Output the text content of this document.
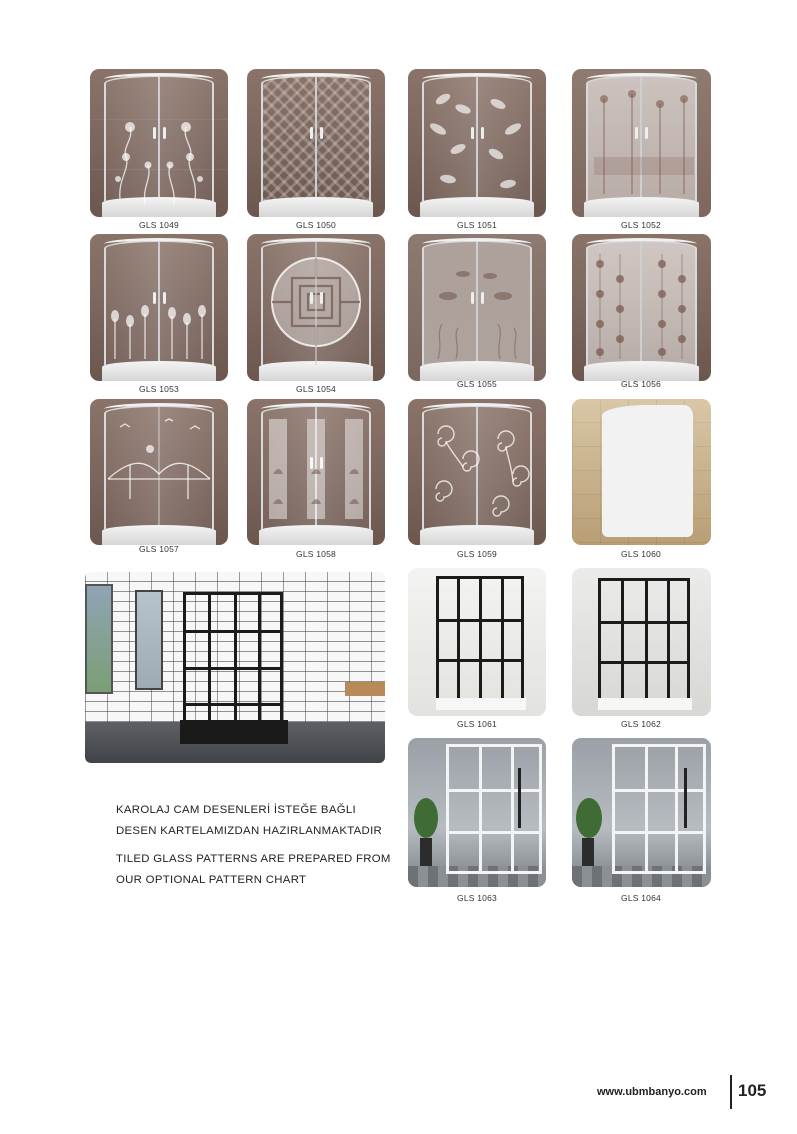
GLS 1049	GLS 1050	GLS 1051	GLS 1052
GLS 1053	GLS 1054	GLS 1055	GLS 1056
GLS 1057	GLS 1058	GLS 1059	GLS 1060
GLS 1061	GLS 1062
GLS 1063	GLS 1064
KAROLAJ CAM DESENLERİ İSTEĞE BAĞLI
DESEN KARTELAMIZDAN HAZIRLANMAKTADIR
TILED GLASS PATTERNS ARE PREPARED FROM
OUR OPTIONAL PATTERN CHART
www.ubmbanyo.com 105
